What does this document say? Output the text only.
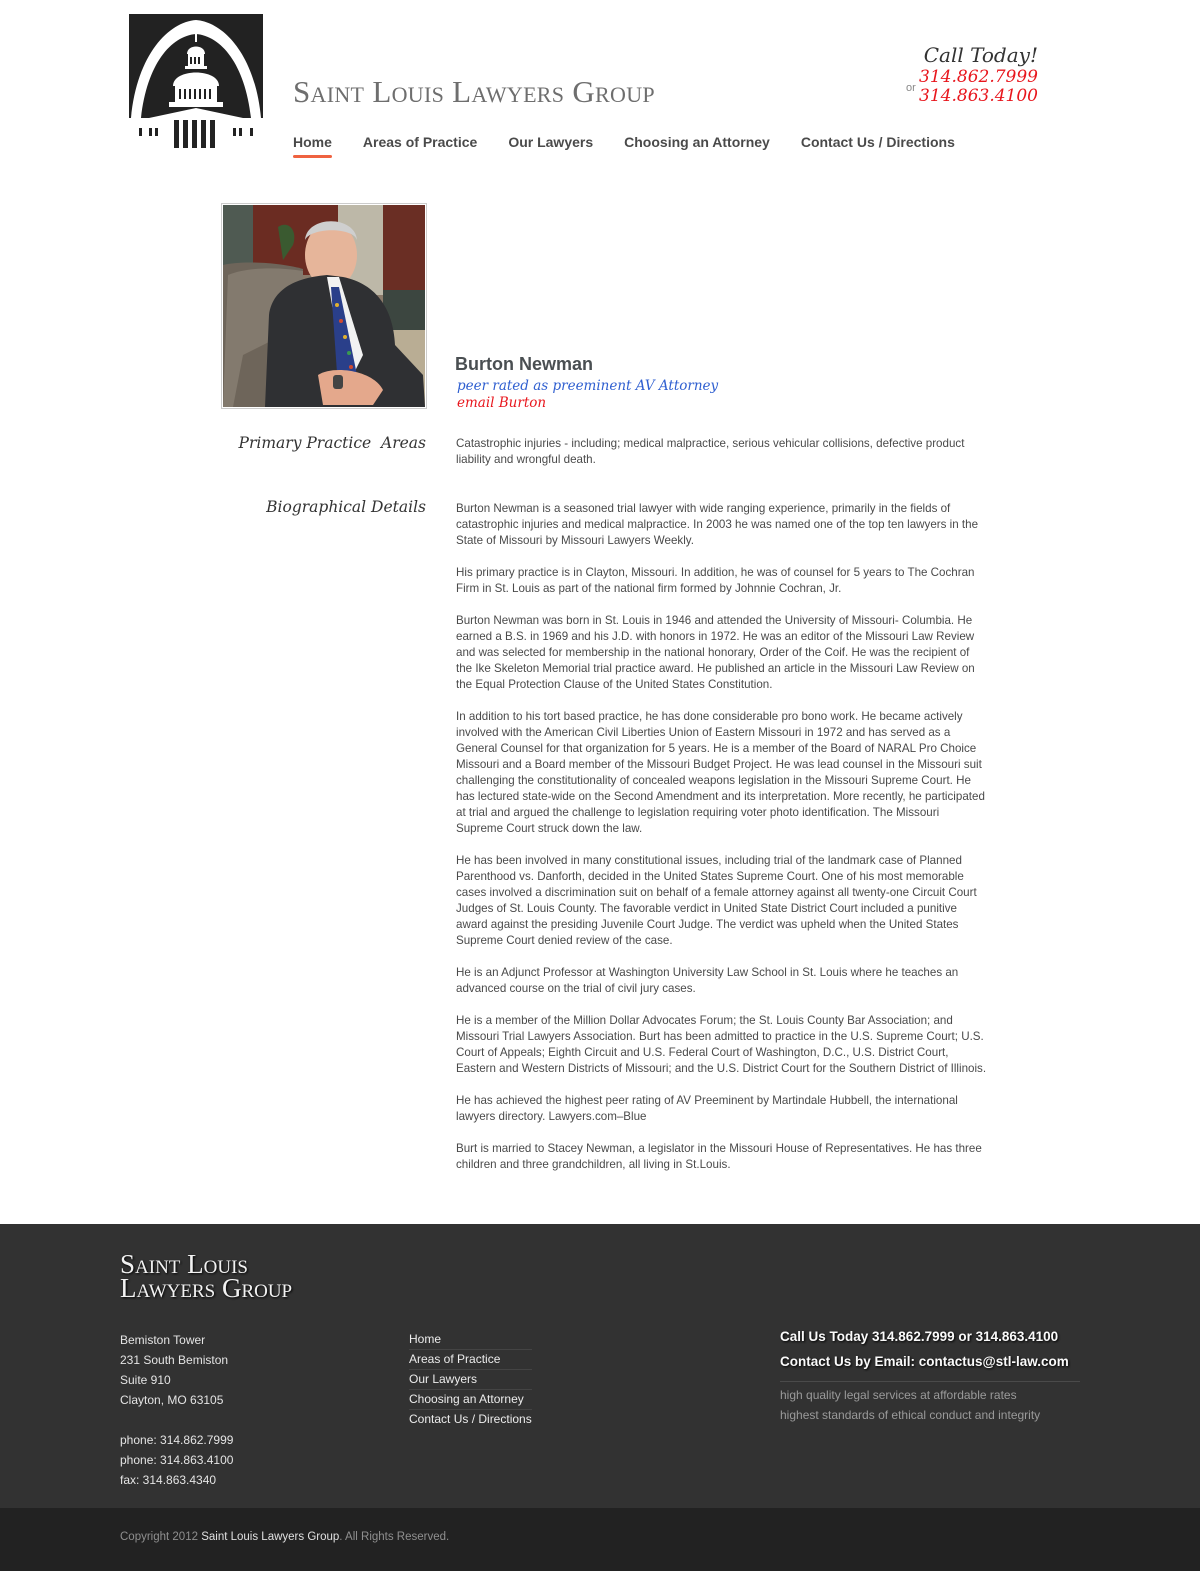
Saint Louis Lawyers Group
Call Today!
or
314.862.7999
314.863.4100
Home Areas of Practice Our Lawyers Choosing an Attorney Contact Us / Directions
Burton Newman
peer rated as preeminent AV Attorney
email Burton
Primary Practice  Areas	Catastrophic injuries - including; medical malpractice, serious vehicular collisions, defective product liability and wrongful death.
Biographical Details	Burton Newman is a seasoned trial lawyer with wide ranging experience, primarily in the fields of catastrophic injuries and medical malpractice. In 2003 he was named one of the top ten lawyers in the State of Missouri by Missouri Lawyers Weekly.

His primary practice is in Clayton, Missouri. In addition, he was of counsel for 5 years to The Cochran Firm in St. Louis as part of the national firm formed by Johnnie Cochran, Jr.

Burton Newman was born in St. Louis in 1946 and attended the University of Missouri- Columbia. He earned a B.S. in 1969 and his J.D. with honors in 1972. He was an editor of the Missouri Law Review and was selected for membership in the national honorary, Order of the Coif. He was the recipient of the Ike Skeleton Memorial trial practice award. He published an article in the Missouri Law Review on the Equal Protection Clause of the United States Constitution.

In addition to his tort based practice, he has done considerable pro bono work. He became actively involved with the American Civil Liberties Union of Eastern Missouri in 1972 and has served as a General Counsel for that organization for 5 years. He is a member of the Board of NARAL Pro Choice Missouri and a Board member of the Missouri Budget Project. He was lead counsel in the Missouri suit challenging the constitutionality of concealed weapons legislation in the Missouri Supreme Court. He has lectured state-wide on the Second Amendment and its interpretation. More recently, he participated at trial and argued the challenge to legislation requiring voter photo identification. The Missouri Supreme Court struck down the law.

He has been involved in many constitutional issues, including trial of the landmark case of Planned Parenthood vs. Danforth, decided in the United States Supreme Court. One of his most memorable cases involved a discrimination suit on behalf of a female attorney against all twenty-one Circuit Court Judges of St. Louis County. The favorable verdict in United State District Court included a punitive award against the presiding Juvenile Court Judge. The verdict was upheld when the United States Supreme Court denied review of the case.

He is an Adjunct Professor at Washington University Law School in St. Louis where he teaches an advanced course on the trial of civil jury cases.

He is a member of the Million Dollar Advocates Forum; the St. Louis County Bar Association; and Missouri Trial Lawyers Association. Burt has been admitted to practice in the U.S. Supreme Court; U.S. Court of Appeals; Eighth Circuit and U.S. Federal Court of Washington, D.C., U.S. District Court, Eastern and Western Districts of Missouri; and the U.S. District Court for the Southern District of Illinois.

He has achieved the highest peer rating of AV Preeminent by Martindale Hubbell, the international lawyers directory. Lawyers.com–Blue

Burt is married to Stacey Newman, a legislator in the Missouri House of Representatives. He has three children and three grandchildren, all living in St.Louis.

Saint Louis
Lawyers Group
Bemiston Tower
231 South Bemiston
Suite 910
Clayton, MO 63105
phone: 314.862.7999
phone: 314.863.4100
fax: 314.863.4340
Home
Areas of Practice
Our Lawyers
Choosing an Attorney
Contact Us / Directions
Call Us Today 314.862.7999 or 314.863.4100
Contact Us by Email: contactus@stl-law.com
high quality legal services at affordable rates
highest standards of ethical conduct and integrity
Copyright 2012 Saint Louis Lawyers Group. All Rights Reserved.
